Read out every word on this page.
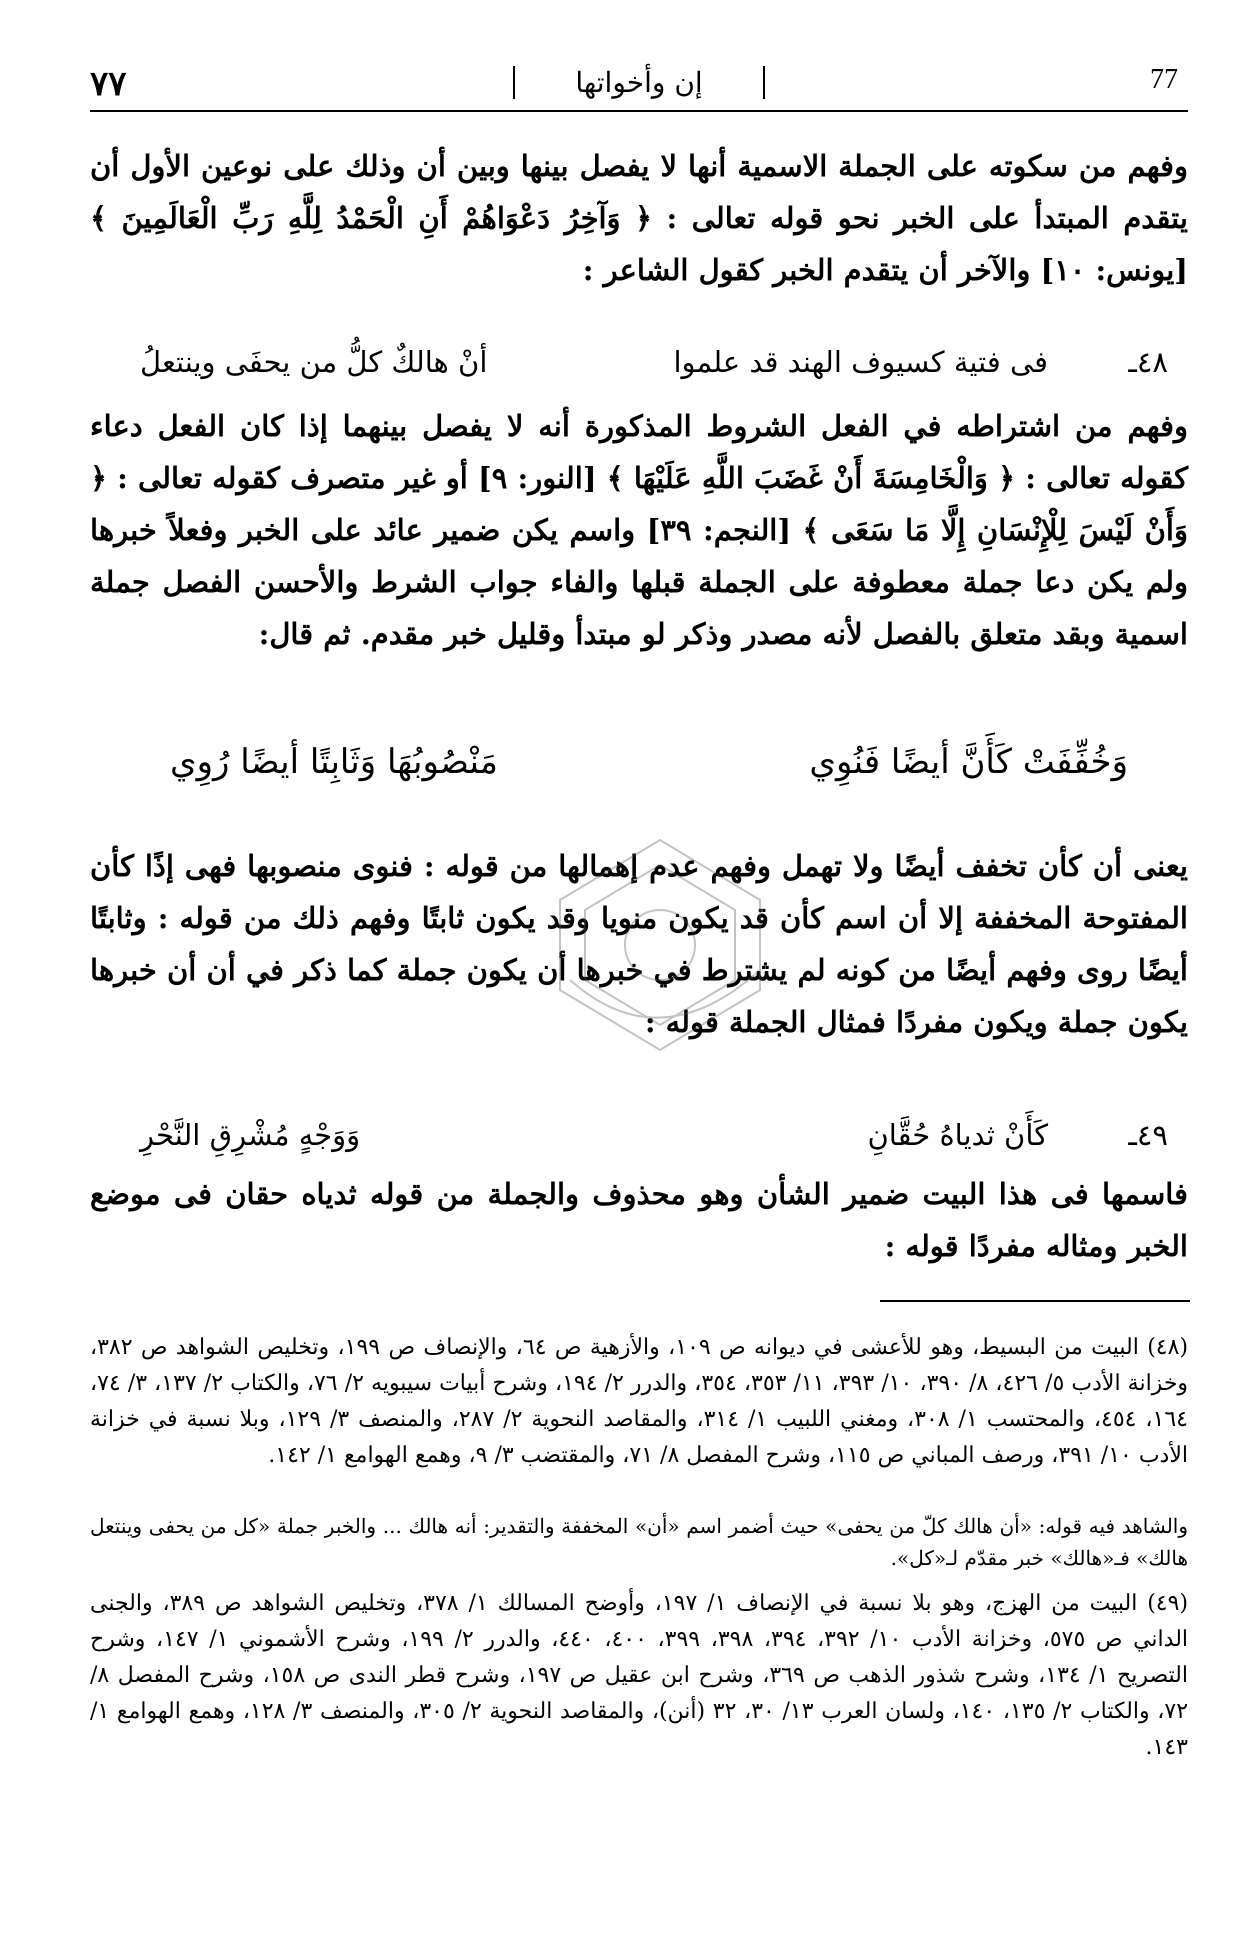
٧٧	إن وأخواتها	77

وفهم من سكوته على الجملة الاسمية أنها لا يفصل بينها وبين أن وذلك على نوعين الأول أن يتقدم المبتدأ على الخبر نحو قوله تعالى : ﴿ وَآخِرُ دَعْوَاهُمْ أَنِ الْحَمْدُ لِلَّهِ رَبِّ الْعَالَمِينَ ﴾ [يونس: ١٠] والآخر أن يتقدم الخبر كقول الشاعر :

٤٨ـ
فى فتية كسيوف الهند قد علموا
أنْ هالكٌ كلُّ من يحفَى وينتعلُ

وفهم من اشتراطه في الفعل الشروط المذكورة أنه لا يفصل بينهما إذا كان الفعل دعاء كقوله تعالى : ﴿ وَالْخَامِسَةَ أَنْ غَضَبَ اللَّهِ عَلَيْهَا ﴾ [النور: ٩] أو غير متصرف كقوله تعالى : ﴿ وَأَنْ لَيْسَ لِلْإِنْسَانِ إِلَّا مَا سَعَى ﴾ [النجم: ٣٩] واسم يكن ضمير عائد على الخبر وفعلاً خبرها ولم يكن دعا جملة معطوفة على الجملة قبلها والفاء جواب الشرط والأحسن الفصل جملة اسمية وبقد متعلق بالفصل لأنه مصدر وذكر لو مبتدأ وقليل خبر مقدم. ثم قال:

وَخُفِّفَتْ كَأَنَّ أيضًا فَنُوِي
مَنْصُوبُهَا وَثَابِتًا أيضًا رُوِي

يعنى أن كأن تخفف أيضًا ولا تهمل وفهم عدم إهمالها من قوله : فنوى منصوبها فهى إذًا كأن المفتوحة المخففة إلا أن اسم كأن قد يكون منويا وقد يكون ثابتًا وفهم ذلك من قوله : وثابتًا أيضًا روى وفهم أيضًا من كونه لم يشترط في خبرها أن يكون جملة كما ذكر في أن أن خبرها يكون جملة ويكون مفردًا فمثال الجملة قوله :

٤٩ـ
كَأَنْ ثدياهُ حُقَّانِ
وَوَجْهٍ مُشْرِقِ النَّحْرِ

فاسمها فى هذا البيت ضمير الشأن وهو محذوف والجملة من قوله ثدياه حقان فى موضع الخبر ومثاله مفردًا قوله :

(٤٨) البيت من البسيط، وهو للأعشى في ديوانه ص ١٠٩، والأزهية ص ٦٤، والإنصاف ص ١٩٩، وتخليص الشواهد ص ٣٨٢، وخزانة الأدب ٥/ ٤٢٦، ٨/ ٣٩٠، ١٠/ ٣٩٣، ١١/ ٣٥٣، ٣٥٤، والدرر ٢/ ١٩٤، وشرح أبيات سيبويه ٢/ ٧٦، والكتاب ٢/ ١٣٧، ٣/ ٧٤، ١٦٤، ٤٥٤، والمحتسب ١/ ٣٠٨، ومغني اللبيب ١/ ٣١٤، والمقاصد النحوية ٢/ ٢٨٧، والمنصف ٣/ ١٢٩، وبلا نسبة في خزانة الأدب ١٠/ ٣٩١، ورصف المباني ص ١١٥، وشرح المفصل ٨/ ٧١، والمقتضب ٣/ ٩، وهمع الهوامع ١/ ١٤٢.

والشاهد فيه قوله: «أن هالك كلّ من يحفى» حيث أضمر اسم «أن» المخففة والتقدير: أنه هالك ... والخبر جملة «كل من يحفى وينتعل هالك» فـ«هالك» خبر مقدّم لـ«كل».

(٤٩) البيت من الهزج، وهو بلا نسبة في الإنصاف ١/ ١٩٧، وأوضح المسالك ١/ ٣٧٨، وتخليص الشواهد ص ٣٨٩، والجنى الداني ص ٥٧٥، وخزانة الأدب ١٠/ ٣٩٢، ٣٩٤، ٣٩٨، ٣٩٩، ٤٠٠، ٤٤٠، والدرر ٢/ ١٩٩، وشرح الأشموني ١/ ١٤٧، وشرح التصريح ١/ ١٣٤، وشرح شذور الذهب ص ٣٦٩، وشرح ابن عقيل ص ١٩٧، وشرح قطر الندى ص ١٥٨، وشرح المفصل ٨/ ٧٢، والكتاب ٢/ ١٣٥، ١٤٠، ولسان العرب ١٣/ ٣٠، ٣٢ (أنن)، والمقاصد النحوية ٢/ ٣٠٥، والمنصف ٣/ ١٢٨، وهمع الهوامع ١/ ١٤٣.
